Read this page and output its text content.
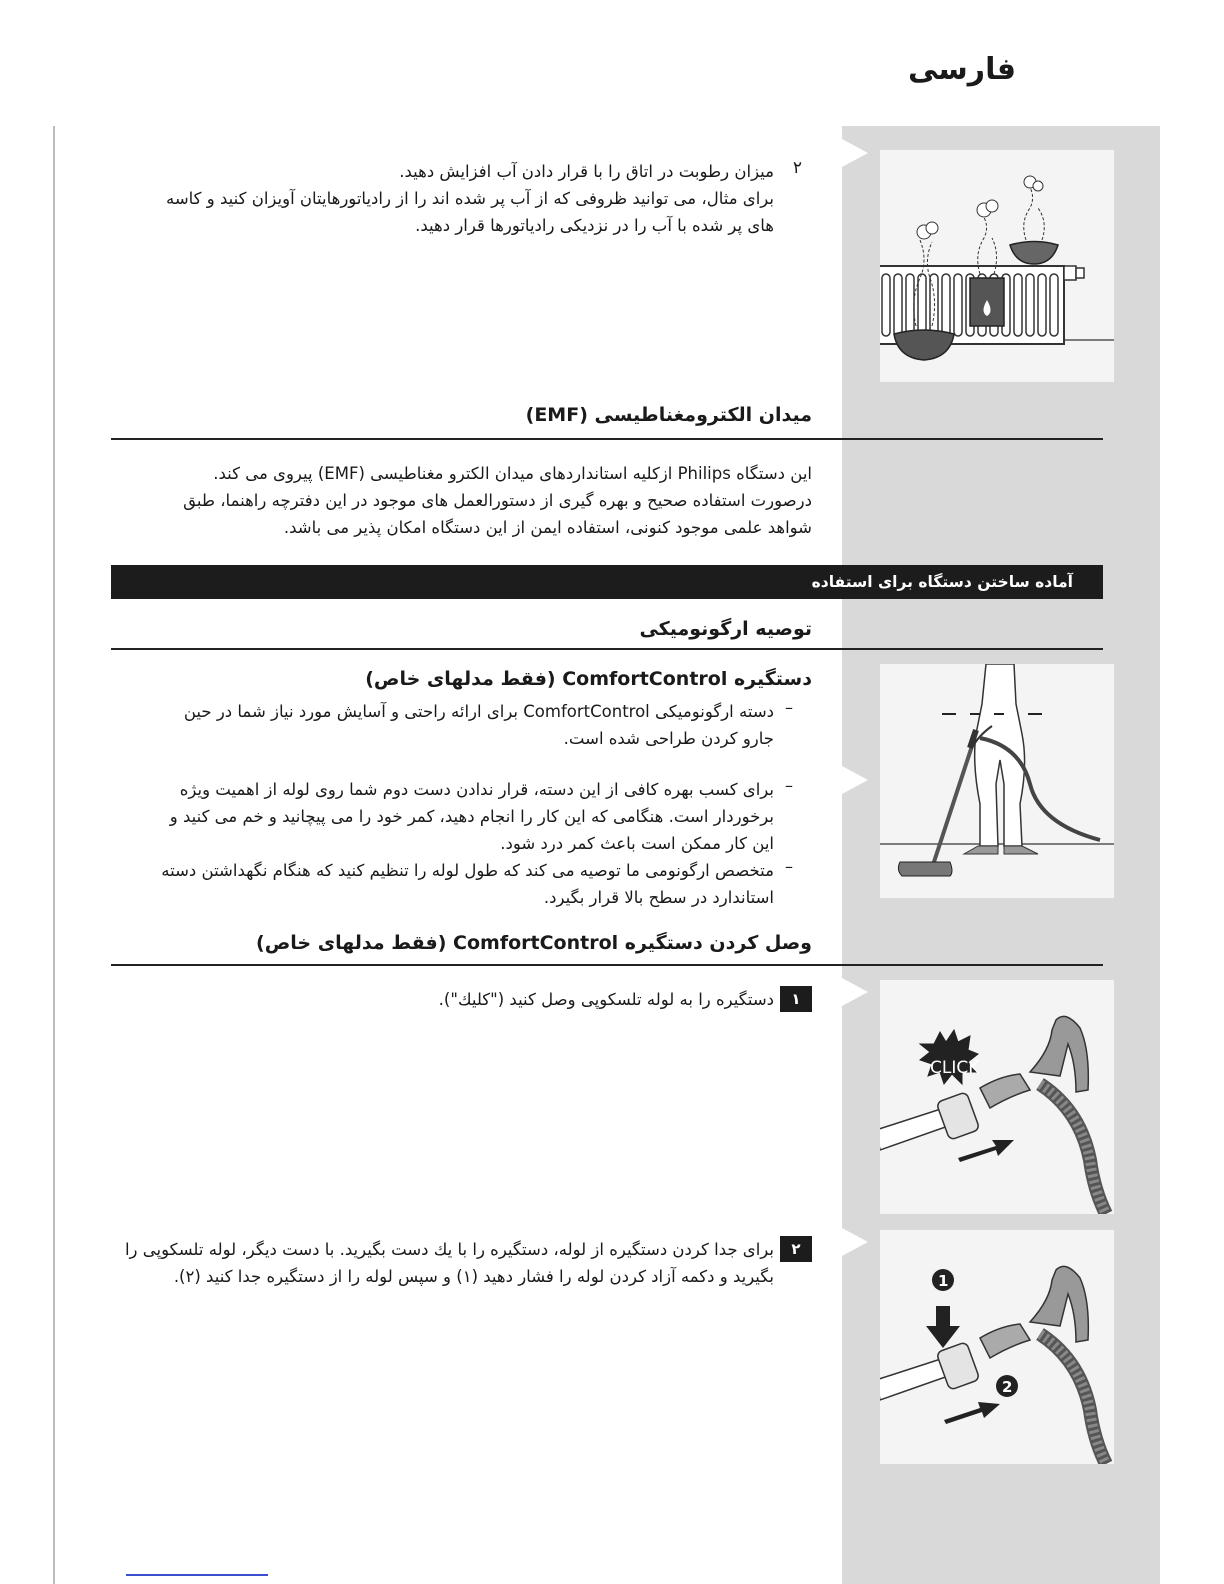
فارسی
CLICK
1
2
۲
میزان رطوبت در اتاق را با قرار دادن آب افزایش دهید.
برای مثال، می توانید ظروفی که از آب پر شده اند را از رادیاتورهایتان آویزان کنید و کاسه
های پر شده با آب را در نزدیکی رادیاتورها قرار دهید.
میدان الکترومغناطیسی (EMF)
این دستگاه Philips ازکلیه استانداردهای میدان الکترو مغناطیسی (EMF) پیروی می کند.
درصورت استفاده صحیح و بهره گیری از دستورالعمل های موجود در این دفترچه راهنما، طبق
شواهد علمی موجود کنونی، استفاده ایمن از این دستگاه امکان پذیر می باشد.
آماده ساختن دستگاه برای استفاده
توصیه ارگونومیکی
دستگیره ComfortControl (فقط مدلهای خاص)
–
دسته ارگونومیکی ComfortControl برای ارائه راحتی و آسایش مورد نیاز شما در حین
جارو کردن طراحی شده است.
–
برای کسب بهره کافی از این دسته، قرار ندادن دست دوم شما روی لوله از اهمیت ویژه
برخوردار است. هنگامی که این کار را انجام دهید، کمر خود را می پیچانید و خم می کنید و
این کار ممکن است باعث کمر درد شود.
–
متخصص ارگونومی ما توصیه می کند که طول لوله را تنظیم کنید که هنگام نگهداشتن دسته
استاندارد در سطح بالا قرار بگیرد.
وصل کردن دستگیره ComfortControl (فقط مدلهای خاص)
۱
دستگیره را به لوله تلسکوپی وصل کنید ("کلیك").
۲
برای جدا کردن دستگیره از لوله، دستگیره را با یك دست بگیرید. با دست دیگر، لوله تلسکوپی را
بگیرید و دکمه آزاد کردن لوله را فشار دهید (۱) و سپس لوله را از دستگیره جدا کنید (۲).
